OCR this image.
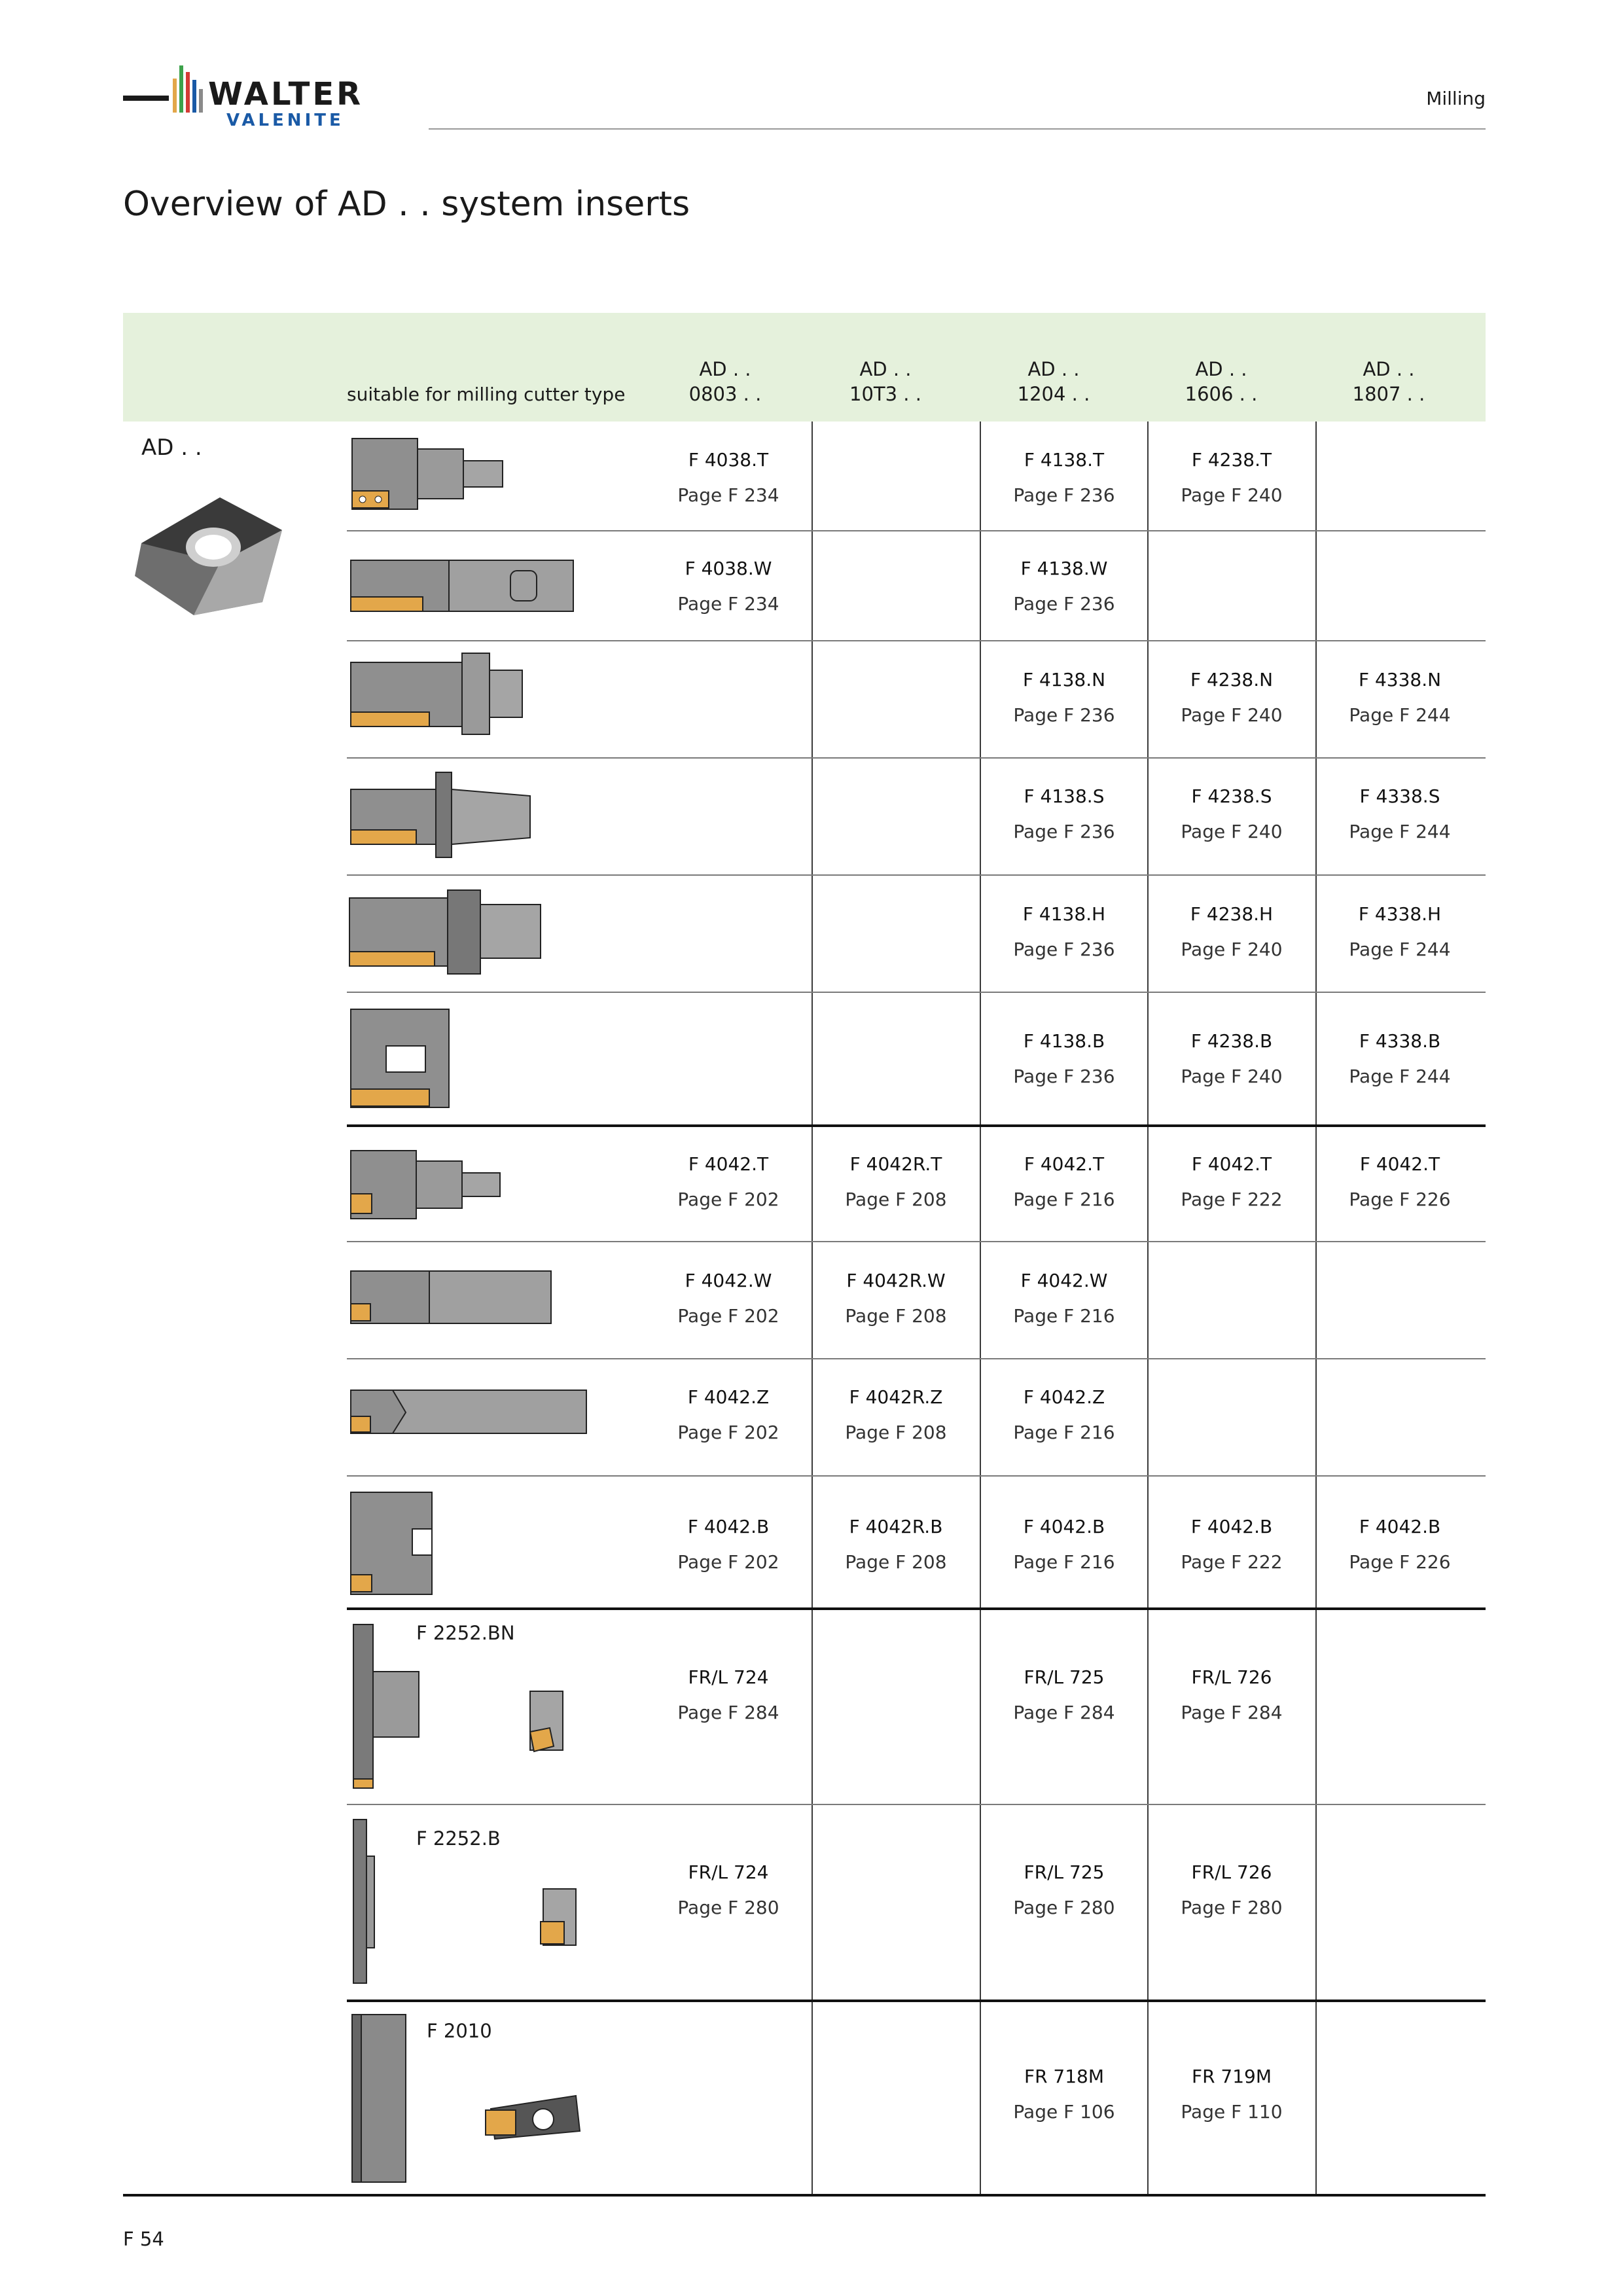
WALTER
VALENITE
Milling
Overview of AD . . system inserts
suitable for milling cutter type
AD . .
0803 . .
AD . .
10T3 . .
AD . .
1204 . .
AD . .
1606 . .
AD . .
1807 . .
AD . .
F 2252.BN
F 2252.B
F 2010
F 4038.T
Page F 234
F 4138.T
Page F 236
F 4238.T
Page F 240
F 4038.W
Page F 234
F 4138.W
Page F 236
F 4138.N
Page F 236
F 4238.N
Page F 240
F 4338.N
Page F 244
F 4138.S
Page F 236
F 4238.S
Page F 240
F 4338.S
Page F 244
F 4138.H
Page F 236
F 4238.H
Page F 240
F 4338.H
Page F 244
F 4138.B
Page F 236
F 4238.B
Page F 240
F 4338.B
Page F 244
F 4042.T
Page F 202
F 4042R.T
Page F 208
F 4042.T
Page F 216
F 4042.T
Page F 222
F 4042.T
Page F 226
F 4042.W
Page F 202
F 4042R.W
Page F 208
F 4042.W
Page F 216
F 4042.Z
Page F 202
F 4042R.Z
Page F 208
F 4042.Z
Page F 216
F 4042.B
Page F 202
F 4042R.B
Page F 208
F 4042.B
Page F 216
F 4042.B
Page F 222
F 4042.B
Page F 226
FR/L 724
Page F 284
FR/L 725
Page F 284
FR/L 726
Page F 284
FR/L 724
Page F 280
FR/L 725
Page F 280
FR/L 726
Page F 280
FR 718M
Page F 106
FR 719M
Page F 110
F 54
